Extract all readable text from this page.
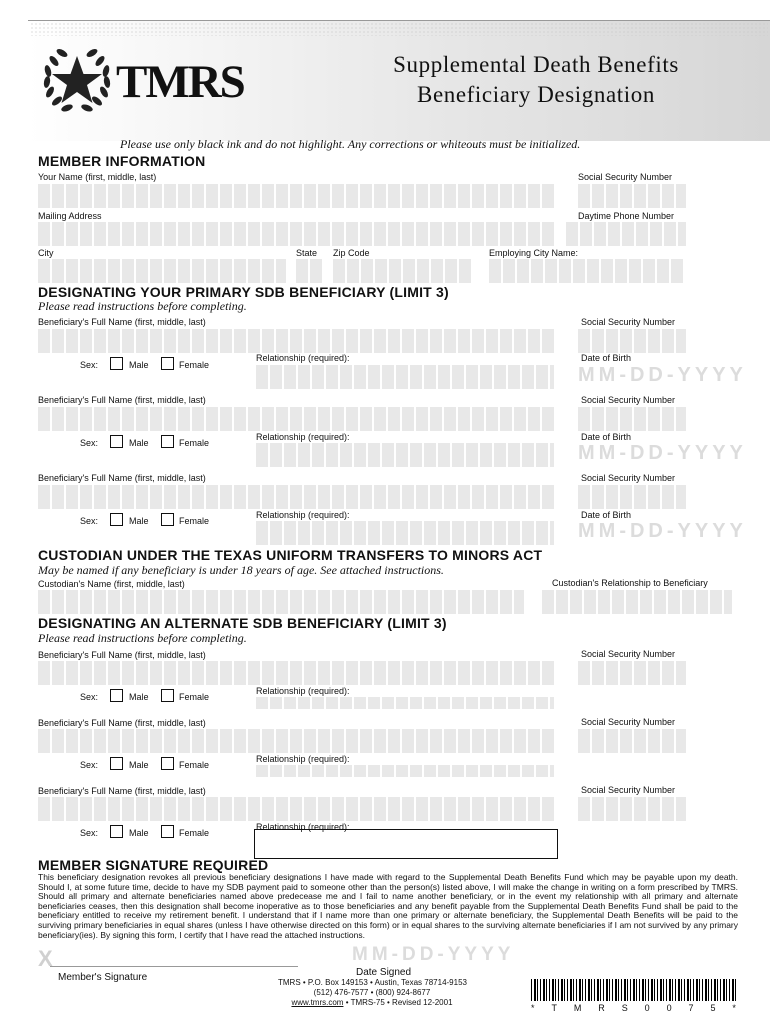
TMRS	Supplemental Death Benefits
Beneficiary Designation
Please use only black ink and do not highlight. Any corrections or whiteouts must be initialized.
MEMBER INFORMATION
Your Name (first, middle, last)	Social Security Number
Mailing Address	Daytime Phone Number
City	State Zip Code	Employing City Name:
DESIGNATING YOUR PRIMARY SDB BENEFICIARY (LIMIT 3)
Please read instructions before completing.
Beneficiary's Full Name (first, middle, last)	Social Security Number
Sex:	Male	Female
Relationship (required):	Date of Birth
MM-DD-YYYY
Beneficiary's Full Name (first, middle, last)	Social Security Number
Sex:	Male	Female
Relationship (required):	Date of Birth
MM-DD-YYYY
Beneficiary's Full Name (first, middle, last)	Social Security Number
Sex:	Male	Female
Relationship (required):	Date of Birth
MM-DD-YYYY
CUSTODIAN UNDER THE TEXAS UNIFORM TRANSFERS TO MINORS ACT
May be named if any beneficiary is under 18 years of age. See attached instructions.
Custodian's Name (first, middle, last)	Custodian's Relationship to Beneficiary
DESIGNATING AN ALTERNATE SDB BENEFICIARY (LIMIT 3)
Please read instructions before completing.
Beneficiary's Full Name (first, middle, last)	Social Security Number
Sex:	Male	Female
Relationship (required):
Beneficiary's Full Name (first, middle, last)	Social Security Number
Sex:	Male	Female
Relationship (required):
Beneficiary's Full Name (first, middle, last)	Social Security Number
Sex:	Male	Female
Relationship (required):
MEMBER SIGNATURE REQUIRED
This beneficiary designation revokes all previous beneficiary designations I have made with regard to the Supplemental Death Benefits Fund which may be payable upon my death. Should I, at some future time, decide to have my SDB payment paid to someone other than the person(s) listed above, I will make the change in writing on a form prescribed by TMRS. Should all primary and alternate beneficiaries named above predecease me and I fail to name another beneficiary, or in the event my relationship with all primary and alternate beneficiaries ceases, then this designation shall become inoperative as to those beneficiaries and any benefit payable from the Supplemental Death Benefits Fund shall be paid to the beneficiary entitled to receive my retirement benefit. I understand that if I name more than one primary or alternate beneficiary, the Supplemental Death Benefits will be paid to the surviving primary beneficiaries in equal shares (unless I have otherwise directed on this form) or in equal shares to the surviving alternate beneficiaries if I am not survived by any primary beneficiary(ies). By signing this form, I certify that I have read the attached instructions.
X
Member's Signature
MM-DD-YYYY
Date Signed
TMRS • P.O. Box 149153 • Austin, Texas 78714-9153
(512) 476-7577 • (800) 924-8677
www.tmrs.com • TMRS-75 • Revised 12-2001
* T M R S 0 0 7 5 *
